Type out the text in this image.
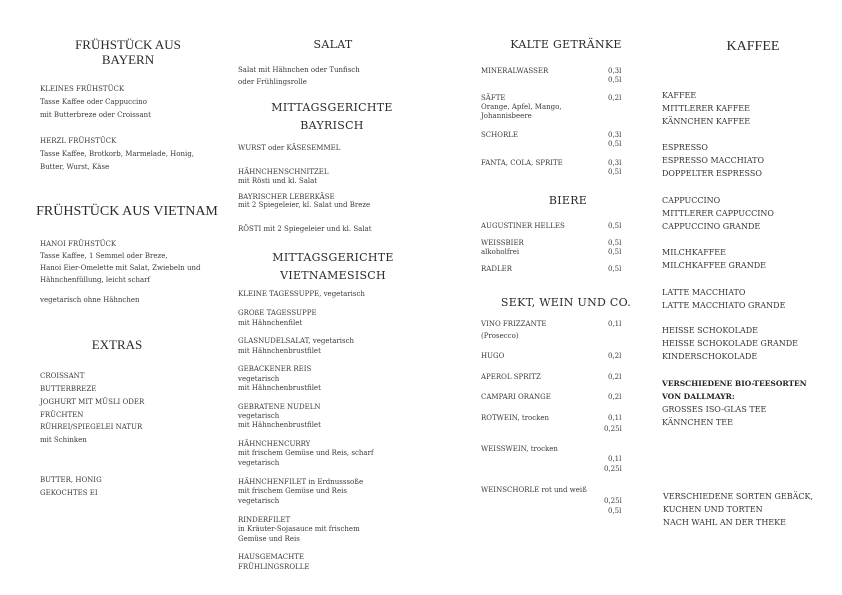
FRÜHSTÜCK AUS
BAYERN
KLEINES FRÜHSTÜCK
Tasse Kaffee oder Cappuccino
mit Butterbreze oder Croissant
HERZL FRÜHSTÜCK
Tasse Kaffee, Brotkorb, Marmelade, Honig,
Butter, Wurst, Käse
FRÜHSTÜCK AUS VIETNAM
HANOI FRÜHSTÜCK
Tasse Kaffee, 1 Semmel oder Breze,
Hanoi Eier-Omelette mit Salat, Zwiebeln und
Hähnchenfüllung, leicht scharf
vegetarisch ohne Hähnchen
EXTRAS
CROISSANT
BUTTERBREZE
JOGHURT MIT MÜSLI ODER
FRÜCHTEN
RÜHREI/SPIEGELEI NATUR
mit Schinken
BUTTER, HONIG
GEKOCHTES EI
SALAT
Salat mit Hähnchen oder Tunfisch
oder Frühlingsrolle
MITTAGSGERICHTE
BAYRISCH
WURST oder KÄSESEMMEL
HÄHNCHENSCHNITZEL
mit Rösti und kl. Salat
BAYRISCHER LEBERKÄSE
mit 2 Spiegeleier, kl. Salat und Breze
RÖSTI mit 2 Spiegeleier und kl. Salat
MITTAGSGERICHTE
VIETNAMESISCH
KLEINE TAGESSUPPE, vegetarisch
GROßE TAGESSUPPE
mit Hähnchenfilet
GLASNUDELSALAT, vegetarisch
mit Hähnchenbrustfilet
GEBACKENER REIS
vegetarisch
mit Hähnchenbrustfilet
GEBRATENE NUDELN
vegetarisch
mit Hähnchenbrustfilet
HÄHNCHENCURRY
mit frischem Gemüse und Reis, scharf
vegetarisch
HÄHNCHENFILET in Erdnusssoße
mit frischem Gemüse und Reis
vegetarisch
RINDERFILET
in Kräuter-Sojasauce mit frischem
Gemüse und Reis
HAUSGEMACHTE
FRÜHLINGSROLLE
KALTE GETRÄNKE
MINERALWASSER	0,3l
0,5l
SÄFTE	0,2l
Orange, Apfel, Mango,
Johannisbeere
SCHORLE	0,3l
0,5l
FANTA, COLA, SPRITE	0,3l
0,5l
BIERE
AUGUSTINER HELLES	0,5l
WEISSBIER	0,5l
alkoholfrei	0,5l
RADLER	0,5l
SEKT, WEIN UND CO.
VINO FRIZZANTE	0,1l
(Prosecco)
HUGO	0,2l
APEROL SPRITZ	0,2l
CAMPARI ORANGE	0,2l
ROTWEIN, trocken	0,1l
0,25l
WEISSWEIN, trocken
0,1l
0,25l
WEINSCHORLE rot und weiß
0,25l
0,5l
KAFFEE
KAFFEE
MITTLERER KAFFEE
KÄNNCHEN KAFFEE
ESPRESSO
ESPRESSO MACCHIATO
DOPPELTER ESPRESSO
CAPPUCCINO
MITTLERER CAPPUCCINO
CAPPUCCINO GRANDE
MILCHKAFFEE
MILCHKAFFEE GRANDE
LATTE MACCHIATO
LATTE MACCHIATO GRANDE
HEISSE SCHOKOLADE
HEISSE SCHOKOLADE GRANDE
KINDERSCHOKOLADE
VERSCHIEDENE BIO-TEESORTEN
VON DALLMAYR:
GROSSES ISO-GLAS TEE
KÄNNCHEN TEE
VERSCHIEDENE SORTEN GEBÄCK,
KUCHEN UND TORTEN
NACH WAHL AN DER THEKE
